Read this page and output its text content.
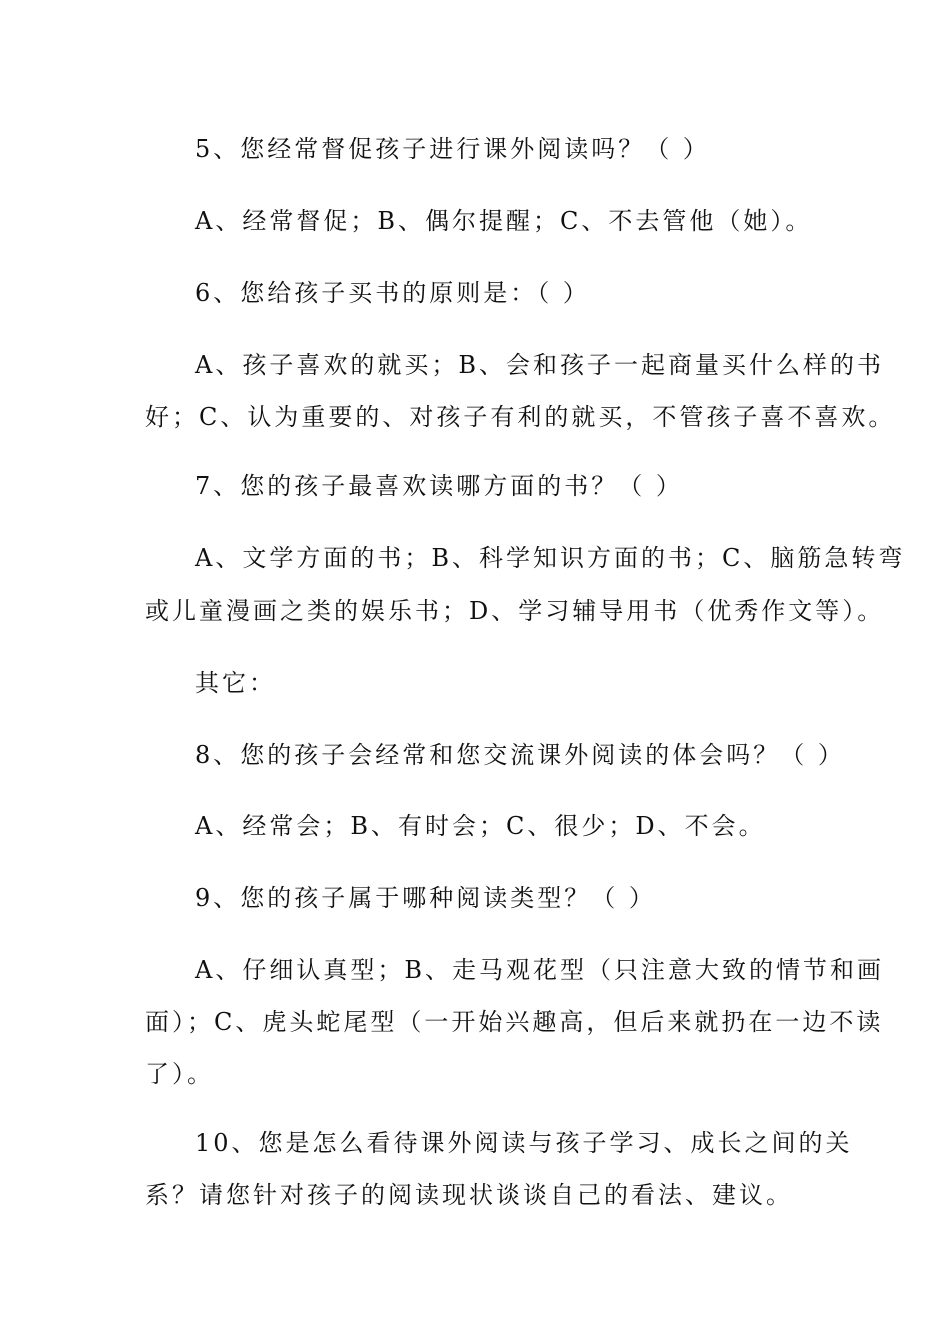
5、您经常督促孩子进行课外阅读吗？（ ）
A、经常督促；B、偶尔提醒；C、不去管他（她）。
6、您给孩子买书的原则是：（ ）
A、孩子喜欢的就买；B、会和孩子一起商量买什么样的书
好；C、认为重要的、对孩子有利的就买，不管孩子喜不喜欢。
7、您的孩子最喜欢读哪方面的书？（ ）
A、文学方面的书；B、科学知识方面的书；C、脑筋急转弯
或儿童漫画之类的娱乐书；D、学习辅导用书（优秀作文等）。
其它：
8、您的孩子会经常和您交流课外阅读的体会吗？（ ）
A、经常会；B、有时会；C、很少；D、不会。
9、您的孩子属于哪种阅读类型？（ ）
A、仔细认真型；B、走马观花型（只注意大致的情节和画
面）；C、虎头蛇尾型（一开始兴趣高，但后来就扔在一边不读
了）。
10、您是怎么看待课外阅读与孩子学习、成长之间的关
系？请您针对孩子的阅读现状谈谈自己的看法、建议。
